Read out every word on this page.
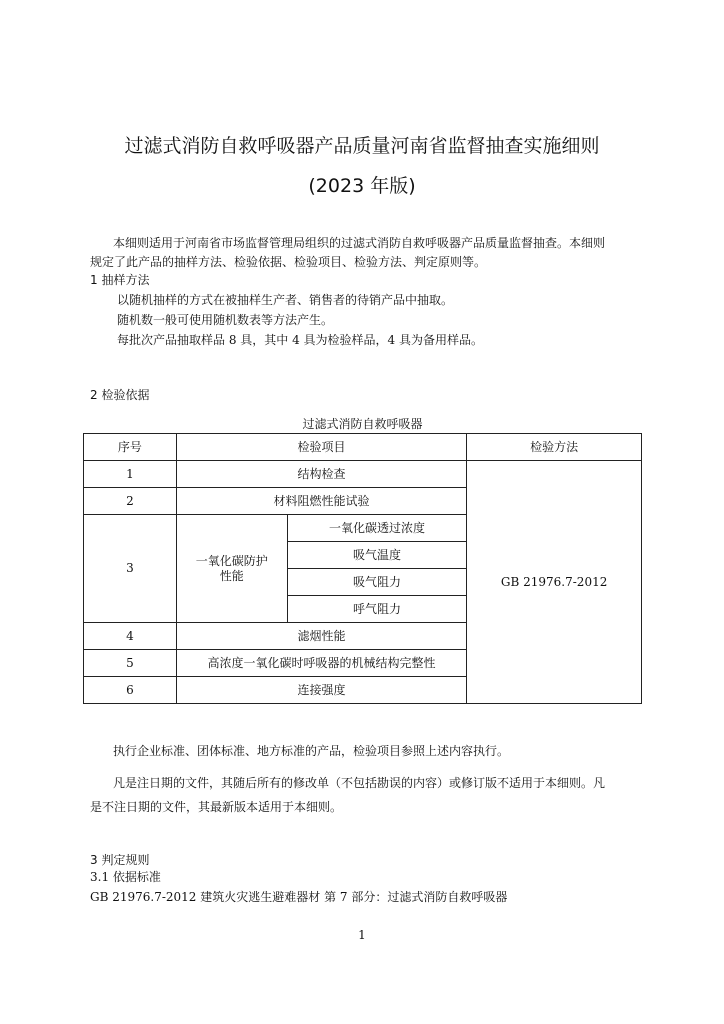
过滤式消防自救呼吸器产品质量河南省监督抽查实施细则
(2023 年版)
本细则适用于河南省市场监督管理局组织的过滤式消防自救呼吸器产品质量监督抽查。本细则
规定了此产品的抽样方法、检验依据、检验项目、检验方法、判定原则等。
1 抽样方法
以随机抽样的方式在被抽样生产者、销售者的待销产品中抽取。
随机数一般可使用随机数表等方法产生。
每批次产品抽取样品 8 具，其中 4 具为检验样品，4 具为备用样品。
2 检验依据
过滤式消防自救呼吸器
序号	检验项目		检验方法
1	结构检查		GB 21976.7-2012
2	材料阻燃性能试验		
3	一氧化碳防护性能	一氧化碳透过浓度	
		吸气温度	
		吸气阻力	
		呼气阻力	
4	滤烟性能		
5	高浓度一氧化碳时呼吸器的机械结构完整性		
6	连接强度		
执行企业标准、团体标准、地方标准的产品，检验项目参照上述内容执行。
凡是注日期的文件，其随后所有的修改单（不包括勘误的内容）或修订版不适用于本细则。凡
是不注日期的文件，其最新版本适用于本细则。
3 判定规则
3.1 依据标准
GB 21976.7-2012 建筑火灾逃生避难器材 第 7 部分：过滤式消防自救呼吸器
1
